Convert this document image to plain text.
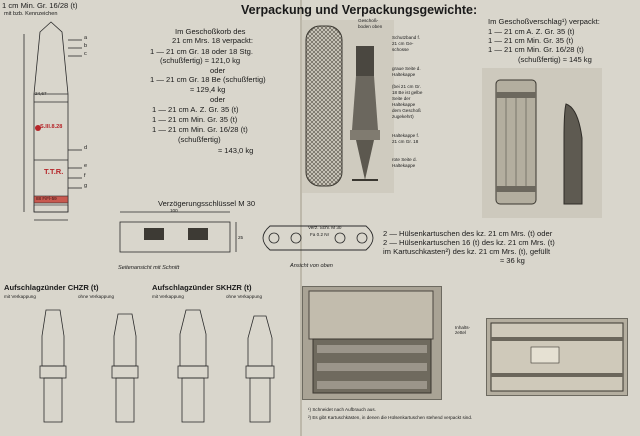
1 cm Min. Gr. 16/28 (t)
mit bzb. Kennzeichen	Verpackung und Verpackungsgewichte:
24,67
S.III.8.28
T.T.R.
88 FiFl-59
a
b
c
d
e
f
g
Im Geschoßkorb des
21 cm Mrs. 18 verpackt:
1 — 21 cm Gr. 18 oder 18 Stg.
(schußfertig) ≈ 121,0 kg
oder
1 — 21 cm Gr. 18 Be (schußfertig)
≈ 129,4 kg
oder
1 — 21 cm A. Z. Gr. 35 (t)
1 — 21 cm Min. Gr. 35 (t)
1 — 21 cm Min. Gr. 16/28 (t)
(schußfertig)
≈ 143,0 kg
Geschoß-
boden oben
Schutzband f.
21 cm Ge-
schosse
graue Seite d.
Haltekappe
(bei 21 cm Gr.
18 Be ist gelbe
Seite der
Haltekappe
dem Geschoß
zugekehrt)
Haltekappe f.
21 cm Gr. 18
rote Seite d.
Haltekappe
Im Geschoßverschlag¹) verpackt:
1 — 21 cm A. Z. Gr. 35 (t)
1 — 21 cm Min. Gr. 35 (t)
1 — 21 cm Min. Gr. 16/28 (t)
(schußfertig) ≈ 145 kg
2 — Hülsenkartuschen des kz. 21 cm Mrs. (t) oder
2 — Hülsenkartuschen 16 (t) des kz. 21 cm Mrs. (t)
im Kartuschkasten²) des kz. 21 cm Mrs. (t), gefüllt
≈ 36 kg
Verzögerungsschlüssel M 30
100
25
Seitenansicht mit Schnitt
Verz. Schl. M 30
Fa 0.2 Nr
Ansicht von oben
Aufschlagzünder CHZR (t)
mit Verkappung	ohne Verkappung
Aufschlagzünder SKHZR (t)
mit Verkappung	ohne Verkappung
Inhalts-
zettel
¹) Schneidet nach Aufbrauch aus.
²) Es gibt Kartuschkästen, in denen die Hülsenkartuschen stehend verpackt sind.
